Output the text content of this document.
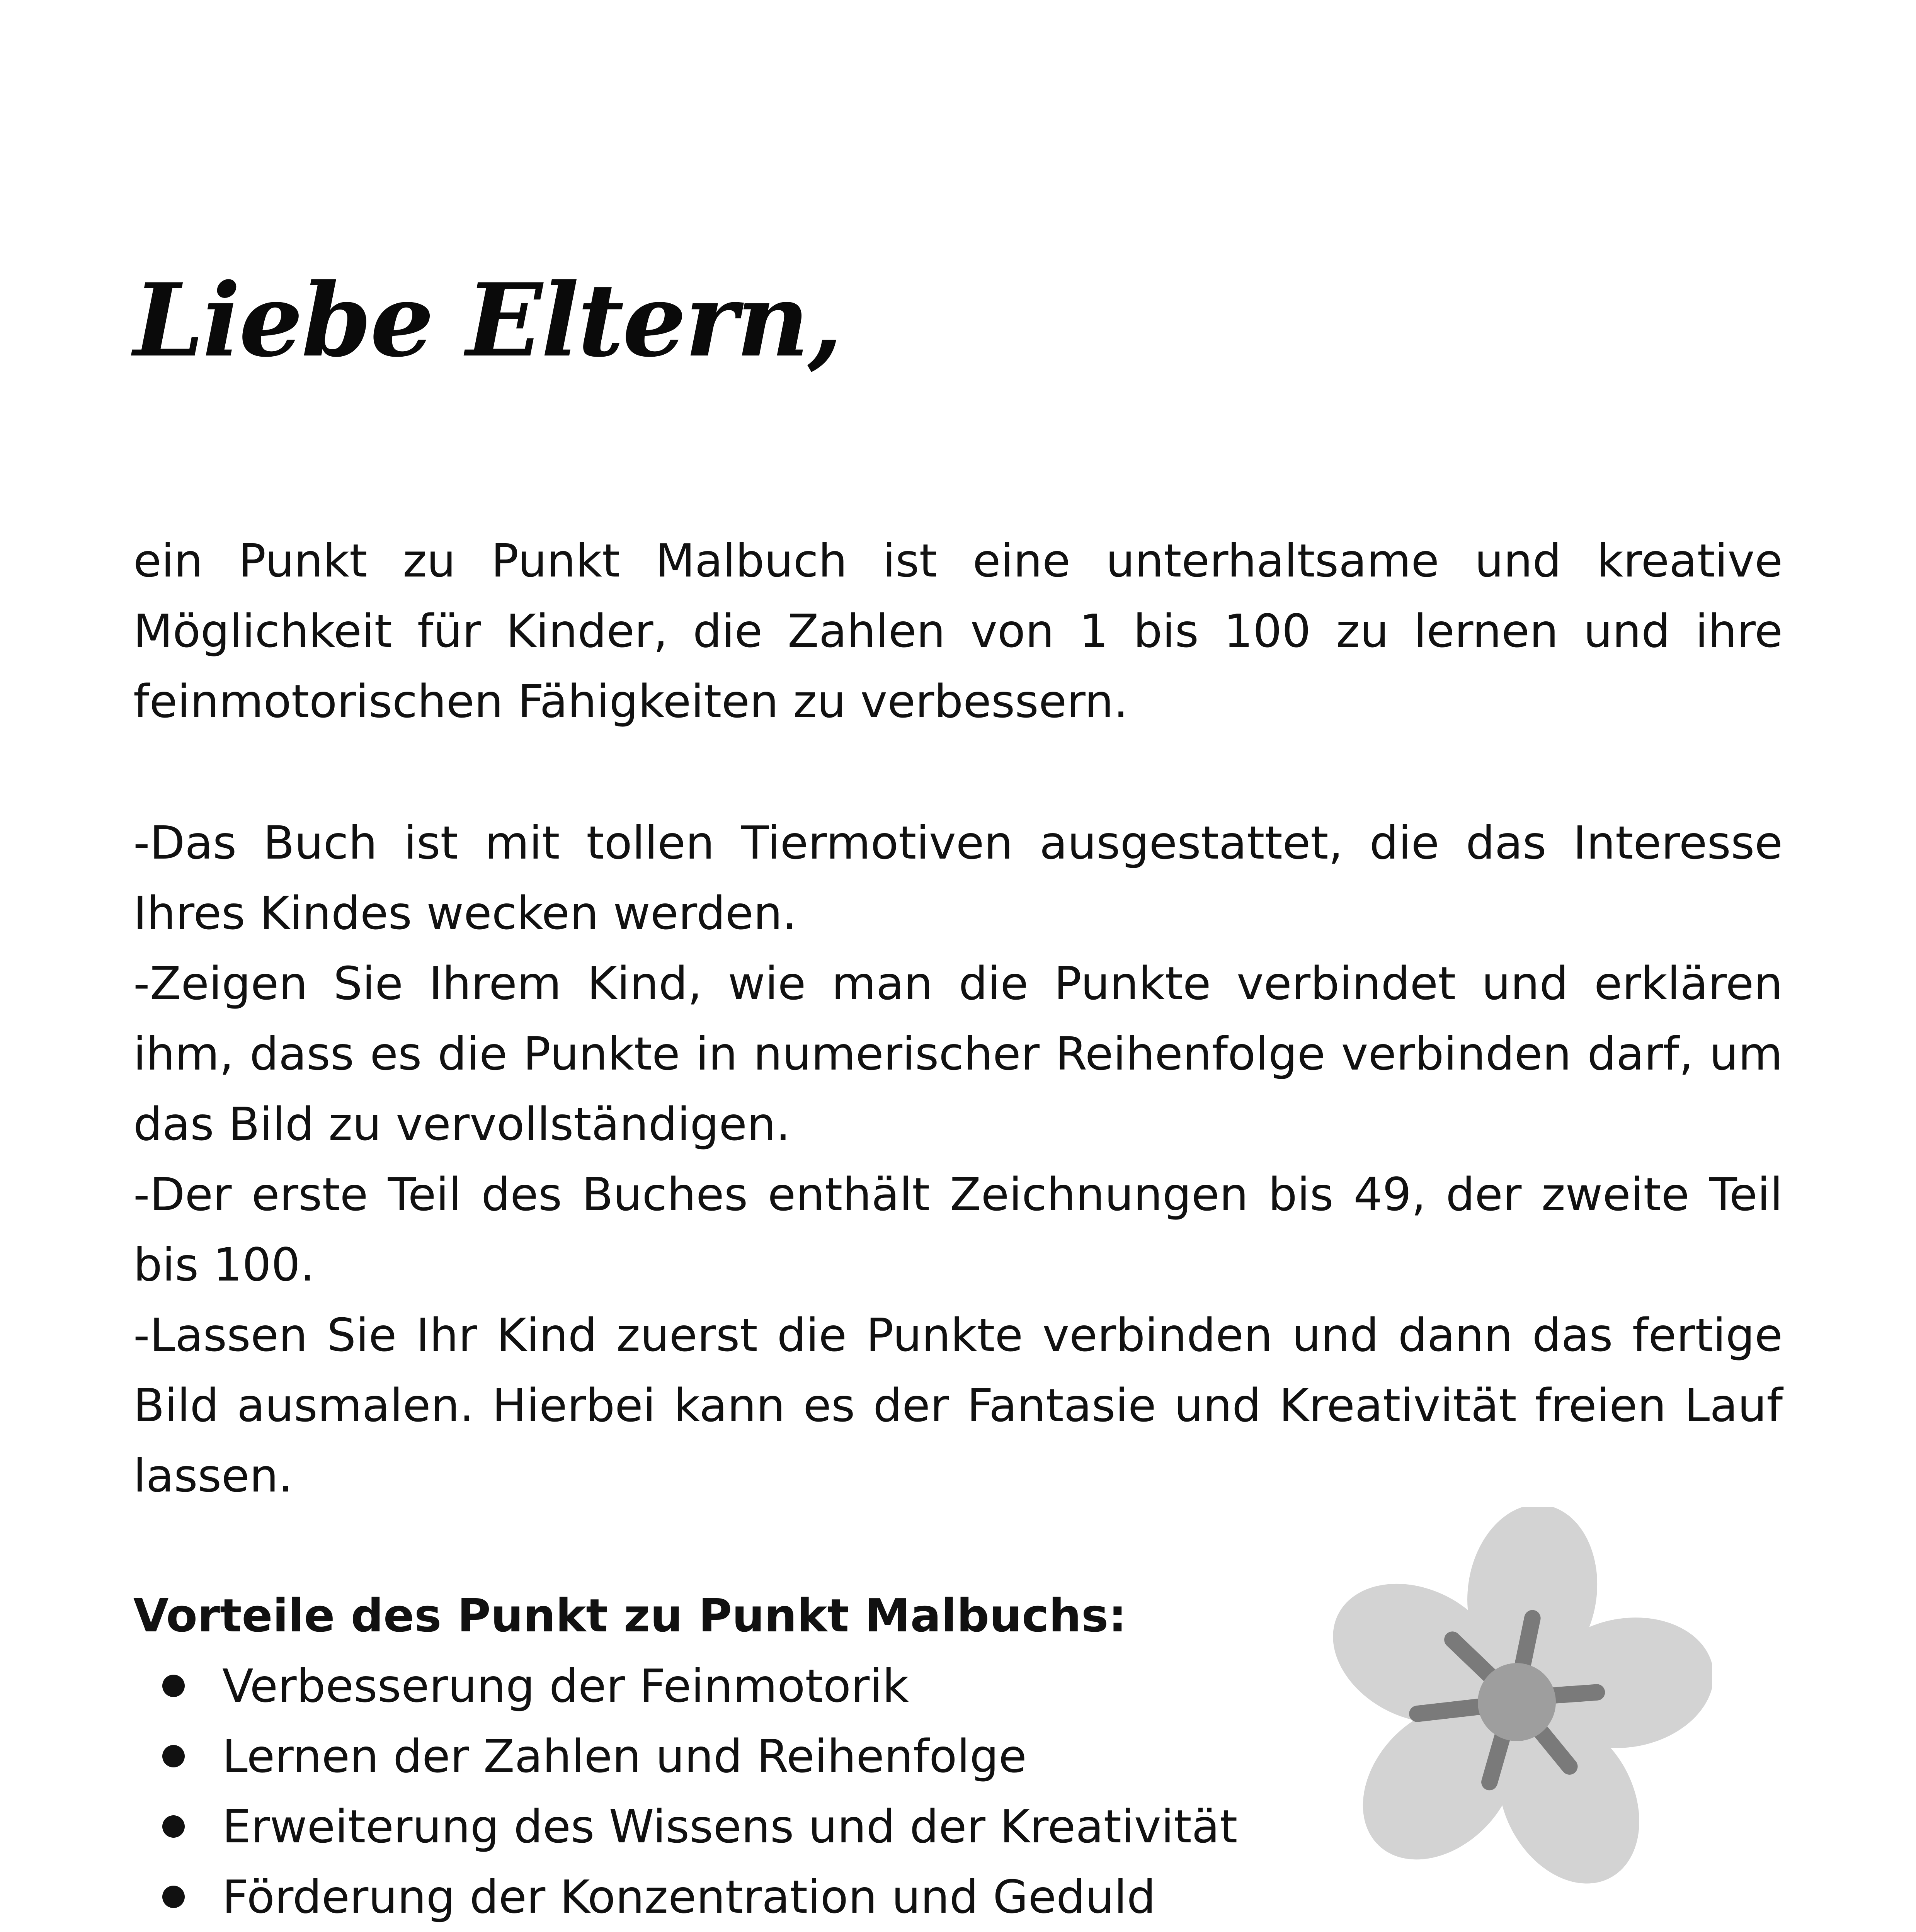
Liebe Eltern,

ein Punkt zu Punkt Malbuch ist eine unterhaltsame und kreative Möglichkeit für Kinder, die Zahlen von 1 bis 100 zu lernen und ihre feinmotorischen Fähigkeiten zu verbessern.

-Das Buch ist mit tollen Tiermotiven ausgestattet, die das Interesse Ihres Kindes wecken werden.

-Zeigen Sie Ihrem Kind, wie man die Punkte verbindet und erklären ihm, dass es die Punkte in numerischer Reihenfolge verbinden darf, um das Bild zu vervollständigen.

-Der erste Teil des Buches enthält Zeichnungen bis 49, der zweite Teil bis 100.

-Lassen Sie Ihr Kind zuerst die Punkte verbinden und dann das fertige Bild ausmalen. Hierbei kann es der Fantasie und Kreativität freien Lauf lassen.

Vorteile des Punkt zu Punkt Malbuchs:

Verbesserung der Feinmotorik
Lernen der Zahlen und Reihenfolge
Erweiterung des Wissens und der Kreativität
Förderung der Konzentration und Geduld
